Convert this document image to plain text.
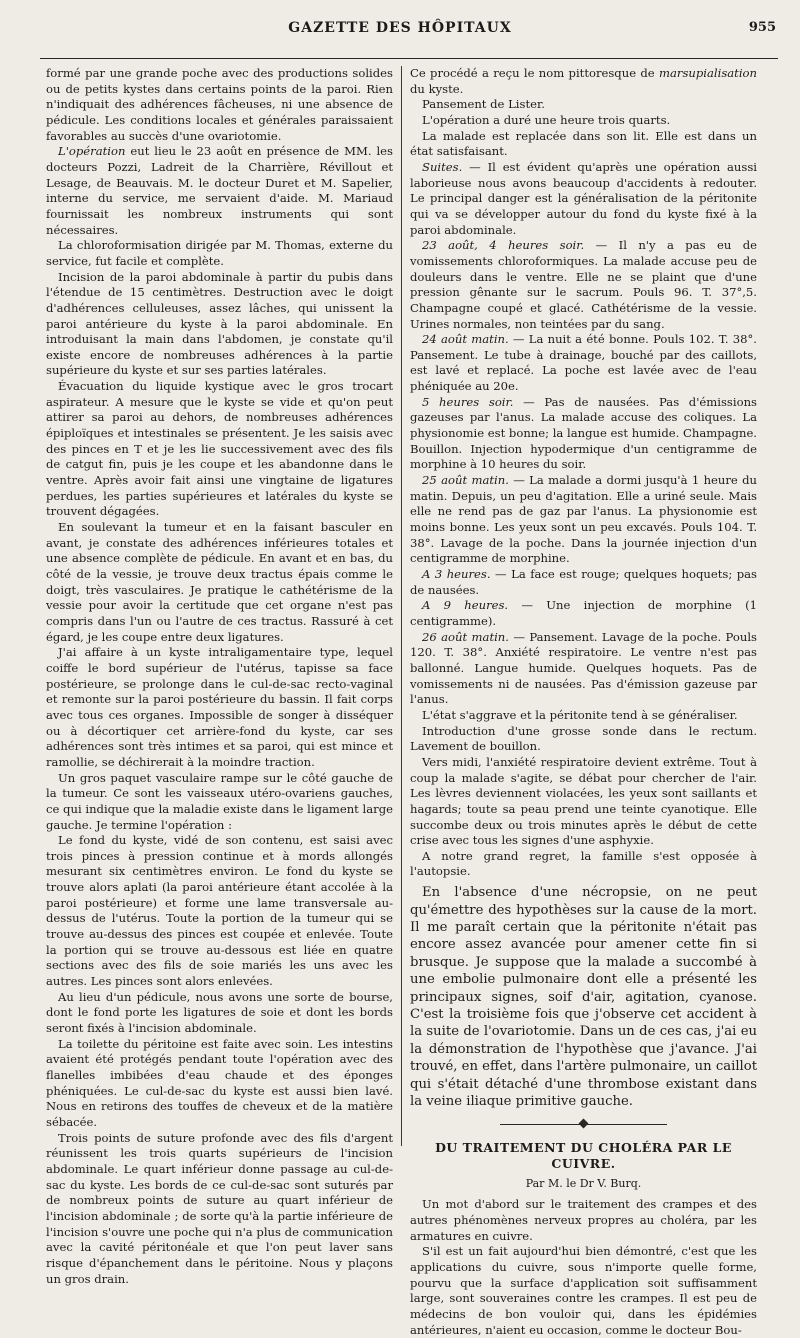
GAZETTE DES HÔPITAUX	955

formé par une grande poche avec des productions solides ou de petits kystes dans certains points de la paroi. Rien n'indiquait des adhérences fâcheuses, ni une absence de pédicule. Les conditions locales et générales paraissaient favorables au succès d'une ovariotomie.

L'opération eut lieu le 23 août en présence de MM. les docteurs Pozzi, Ladreit de la Charrière, Révillout et Lesage, de Beauvais. M. le docteur Duret et M. Sapelier, interne du service, me servaient d'aide. M. Mariaud fournissait les nombreux instruments qui sont nécessaires.

La chloroformisation dirigée par M. Thomas, externe du service, fut facile et complète.

Incision de la paroi abdominale à partir du pubis dans l'étendue de 15 centimètres. Destruction avec le doigt d'adhérences celluleuses, assez lâches, qui unissent la paroi antérieure du kyste à la paroi abdominale. En introduisant la main dans l'abdomen, je constate qu'il existe encore de nombreuses adhérences à la partie supérieure du kyste et sur ses parties latérales.

Évacuation du liquide kystique avec le gros trocart aspirateur. A mesure que le kyste se vide et qu'on peut attirer sa paroi au dehors, de nombreuses adhérences épiploïques et intestinales se présentent. Je les saisis avec des pinces en T et je les lie successivement avec des fils de catgut fin, puis je les coupe et les abandonne dans le ventre. Après avoir fait ainsi une vingtaine de ligatures perdues, les parties supérieures et latérales du kyste se trouvent dégagées.

En soulevant la tumeur et en la faisant basculer en avant, je constate des adhérences inférieures totales et une absence complète de pédicule. En avant et en bas, du côté de la vessie, je trouve deux tractus épais comme le doigt, très vasculaires. Je pratique le cathétérisme de la vessie pour avoir la certitude que cet organe n'est pas compris dans l'un ou l'autre de ces tractus. Rassuré à cet égard, je les coupe entre deux ligatures.

J'ai affaire à un kyste intraligamentaire type, lequel coiffe le bord supérieur de l'utérus, tapisse sa face postérieure, se prolonge dans le cul-de-sac recto-vaginal et remonte sur la paroi postérieure du bassin. Il fait corps avec tous ces organes. Impossible de songer à disséquer ou à décortiquer cet arrière-fond du kyste, car ses adhérences sont très intimes et sa paroi, qui est mince et ramollie, se déchirerait à la moindre traction.

Un gros paquet vasculaire rampe sur le côté gauche de la tumeur. Ce sont les vaisseaux utéro-ovariens gauches, ce qui indique que la maladie existe dans le ligament large gauche. Je termine l'opération :

Le fond du kyste, vidé de son contenu, est saisi avec trois pinces à pression continue et à mords allongés mesurant six centimètres environ. Le fond du kyste se trouve alors aplati (la paroi antérieure étant accolée à la paroi postérieure) et forme une lame transversale au-dessus de l'utérus. Toute la portion de la tumeur qui se trouve au-dessus des pinces est coupée et enlevée. Toute la portion qui se trouve au-dessous est liée en quatre sections avec des fils de soie mariés les uns avec les autres. Les pinces sont alors enlevées.

Au lieu d'un pédicule, nous avons une sorte de bourse, dont le fond porte les ligatures de soie et dont les bords seront fixés à l'incision abdominale.

La toilette du péritoine est faite avec soin. Les intestins avaient été protégés pendant toute l'opération avec des flanelles imbibées d'eau chaude et des éponges phéniquées. Le cul-de-sac du kyste est aussi bien lavé. Nous en retirons des touffes de cheveux et de la matière sébacée.

Trois points de suture profonde avec des fils d'argent réunissent les trois quarts supérieurs de l'incision abdominale. Le quart inférieur donne passage au cul-de-sac du kyste. Les bords de ce cul-de-sac sont suturés par de nombreux points de suture au quart inférieur de l'incision abdominale ; de sorte qu'à la partie inférieure de l'incision s'ouvre une poche qui n'a plus de communication avec la cavité péritonéale et que l'on peut laver sans risque d'épanchement dans le péritoine. Nous y plaçons un gros drain.

Ce procédé a reçu le nom pittoresque de marsupialisation du kyste.

Pansement de Lister.

L'opération a duré une heure trois quarts.

La malade est replacée dans son lit. Elle est dans un état satisfaisant.

Suites. — Il est évident qu'après une opération aussi laborieuse nous avons beaucoup d'accidents à redouter. Le principal danger est la généralisation de la péritonite qui va se développer autour du fond du kyste fixé à la paroi abdominale.

23 août, 4 heures soir. — Il n'y a pas eu de vomissements chloroformiques. La malade accuse peu de douleurs dans le ventre. Elle ne se plaint que d'une pression gênante sur le sacrum. Pouls 96. T. 37°,5. Champagne coupé et glacé. Cathétérisme de la vessie. Urines normales, non teintées par du sang.

24 août matin. — La nuit a été bonne. Pouls 102. T. 38°. Pansement. Le tube à drainage, bouché par des caillots, est lavé et replacé. La poche est lavée avec de l'eau phéniquée au 20e.

5 heures soir. — Pas de nausées. Pas d'émissions gazeuses par l'anus. La malade accuse des coliques. La physionomie est bonne; la langue est humide. Champagne. Bouillon. Injection hypodermique d'un centigramme de morphine à 10 heures du soir.

25 août matin. — La malade a dormi jusqu'à 1 heure du matin. Depuis, un peu d'agitation. Elle a uriné seule. Mais elle ne rend pas de gaz par l'anus. La physionomie est moins bonne. Les yeux sont un peu excavés. Pouls 104. T. 38°. Lavage de la poche. Dans la journée injection d'un centigramme de morphine.

A 3 heures. — La face est rouge; quelques hoquets; pas de nausées.

A 9 heures. — Une injection de morphine (1 centigramme).

26 août matin. — Pansement. Lavage de la poche. Pouls 120. T. 38°. Anxiété respiratoire. Le ventre n'est pas ballonné. Langue humide. Quelques hoquets. Pas de vomissements ni de nausées. Pas d'émission gazeuse par l'anus.

L'état s'aggrave et la péritonite tend à se généraliser.

Introduction d'une grosse sonde dans le rectum. Lavement de bouillon.

Vers midi, l'anxiété respiratoire devient extrême. Tout à coup la malade s'agite, se débat pour chercher de l'air. Les lèvres deviennent violacées, les yeux sont saillants et hagards; toute sa peau prend une teinte cyanotique. Elle succombe deux ou trois minutes après le début de cette crise avec tous les signes d'une asphyxie.

A notre grand regret, la famille s'est opposée à l'autopsie.

En l'absence d'une nécropsie, on ne peut qu'émettre des hypothèses sur la cause de la mort. Il me paraît certain que la péritonite n'était pas encore assez avancée pour amener cette fin si brusque. Je suppose que la malade a succombé à une embolie pulmonaire dont elle a présenté les principaux signes, soif d'air, agitation, cyanose. C'est la troisième fois que j'observe cet accident à la suite de l'ovariotomie. Dans un de ces cas, j'ai eu la démonstration de l'hypothèse que j'avance. J'ai trouvé, en effet, dans l'artère pulmonaire, un caillot qui s'était détaché d'une thrombose existant dans la veine iliaque primitive gauche.

DU TRAITEMENT DU CHOLÉRA PAR LE CUIVRE.
Par M. le Dr V. Burq.

Un mot d'abord sur le traitement des crampes et des autres phénomènes nerveux propres au choléra, par les armatures en cuivre.

S'il est un fait aujourd'hui bien démontré, c'est que les applications du cuivre, sous n'importe quelle forme, pourvu que la surface d'application soit suffisamment large, sont souveraines contre les crampes. Il est peu de médecins de bon vouloir qui, dans les épidémies antérieures, n'aient eu occasion, comme le docteur Bou-
